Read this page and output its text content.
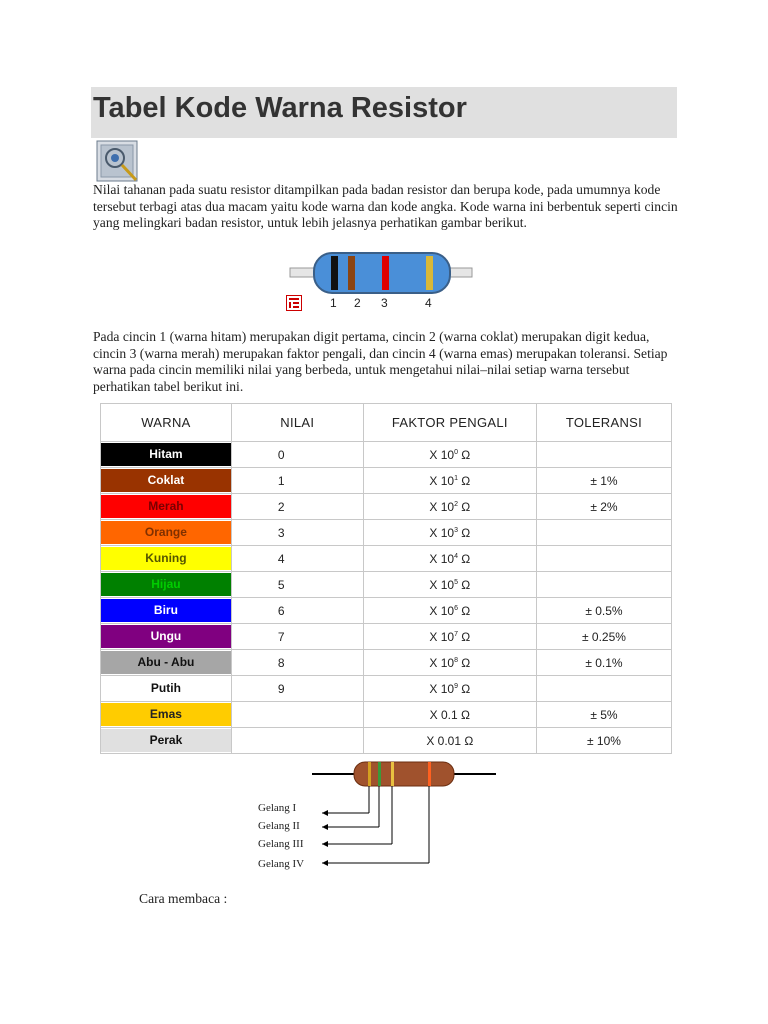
Tabel Kode Warna Resistor
Nilai tahanan pada suatu resistor ditampilkan pada badan resistor dan berupa kode, pada umumnya kode tersebut terbagi atas dua macam yaitu kode warna dan kode angka. Kode warna ini berbentuk seperti cincin yang melingkari badan resistor, untuk lebih jelasnya perhatikan gambar berikut.
1 2 3	4
Pada cincin 1 (warna hitam) merupakan digit pertama, cincin 2 (warna coklat) merupakan digit kedua, cincin 3 (warna merah) merupakan faktor pengali, dan cincin 4 (warna emas) merupakan toleransi. Setiap warna pada cincin memiliki nilai yang berbeda, untuk mengetahui nilai–nilai setiap warna tersebut perhatikan tabel berikut ini.
WARNA	NILAI	FAKTOR PENGALI	TOLERANSI

Hitam	0	X $10^0$ Ω	

Coklat	1	X $10^1$ Ω	± 1%

Merah	2	X $10^2$ Ω	± 2%

Orange	3	X $10^3$ Ω	

Kuning	4	X $10^4$ Ω	

Hijau	5	X $10^5$ Ω	

Biru	6	X $10^6$ Ω	± 0.5%

Ungu	7	X $10^7$ Ω	± 0.25%

Abu - Abu	8	X $10^8$ Ω	± 0.1%

Putih	9	X $10^9$ Ω	

Emas		X 0.1 Ω	± 5%

Perak		X 0.01 Ω	± 10%
Gelang I
Gelang II
Gelang III
Gelang IV
Cara membaca :
